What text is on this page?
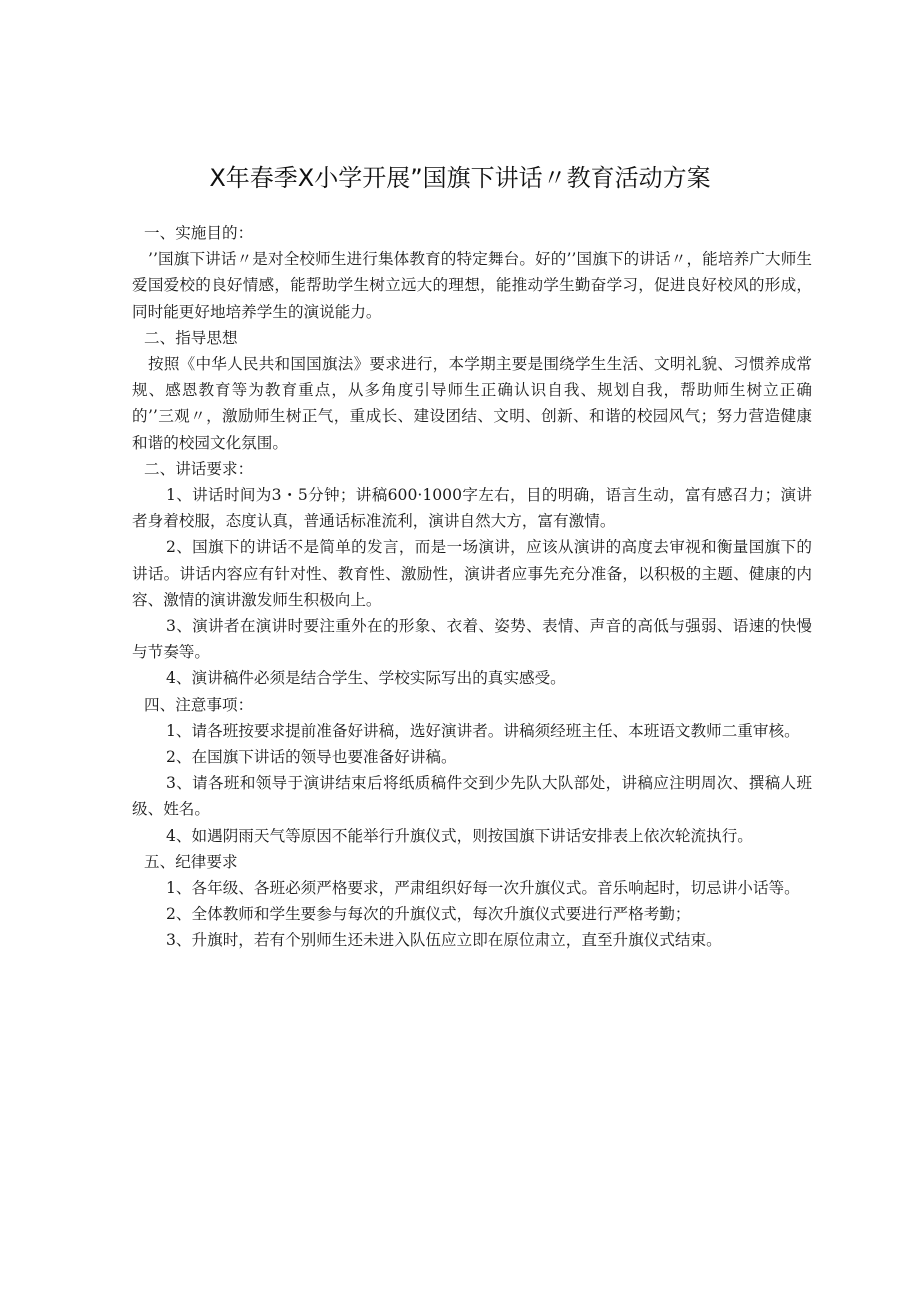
X年春季X小学开展”国旗下讲话〃教育活动方案

一、实施目的：

’’国旗下讲话〃是对全校师生进行集体教育的特定舞台。好的’’国旗下的讲话〃，能培养广大师生爱国爱校的良好情感，能帮助学生树立远大的理想，能推动学生勤奋学习，促进良好校风的形成，同时能更好地培养学生的演说能力。

二、指导思想

按照《中华人民共和国国旗法》要求进行，本学期主要是围绕学生生活、文明礼貌、习惯养成常规、感恩教育等为教育重点，从多角度引导师生正确认识自我、规划自我，帮助师生树立正确的’’三观〃，激励师生树正气，重成长、建设团结、文明、创新、和谐的校园风气；努力营造健康和谐的校园文化氛围。

二、讲话要求：

1、讲话时间为3・5分钟；讲稿600·1000字左右，目的明确，语言生动，富有感召力；演讲者身着校服，态度认真，普通话标准流利，演讲自然大方，富有激情。

2、国旗下的讲话不是简单的发言，而是一场演讲，应该从演讲的高度去审视和衡量国旗下的讲话。讲话内容应有针对性、教育性、激励性，演讲者应事先充分准备，以积极的主题、健康的内容、激情的演讲激发师生积极向上。

3、演讲者在演讲时要注重外在的形象、衣着、姿势、表情、声音的高低与强弱、语速的快慢与节奏等。

4、演讲稿件必须是结合学生、学校实际写出的真实感受。

四、注意事项：

1、请各班按要求提前准备好讲稿，选好演讲者。讲稿须经班主任、本班语文教师二重审核。

2、在国旗下讲话的领导也要准备好讲稿。

3、请各班和领导于演讲结束后将纸质稿件交到少先队大队部处，讲稿应注明周次、撰稿人班级、姓名。

4、如遇阴雨天气等原因不能举行升旗仪式，则按国旗下讲话安排表上依次轮流执行。

五、纪律要求

1、各年级、各班必须严格要求，严肃组织好每一次升旗仪式。音乐响起时，切忌讲小话等。

2、全体教师和学生要参与每次的升旗仪式，每次升旗仪式要进行严格考勤；

3、升旗时，若有个别师生还未进入队伍应立即在原位肃立，直至升旗仪式结束。
